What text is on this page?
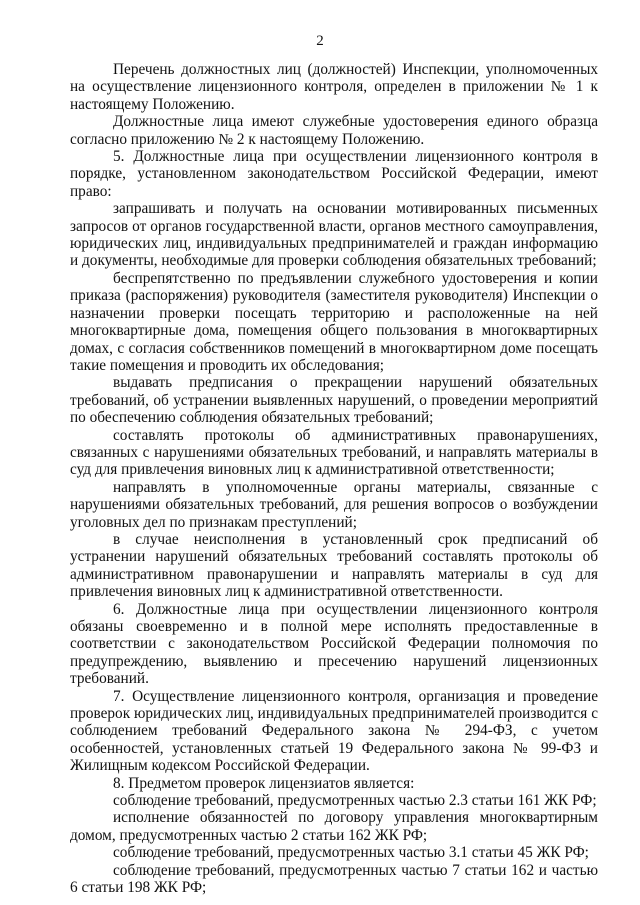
2

Перечень должностных лиц (должностей) Инспекции, уполномоченных на осуществление лицензионного контроля, определен в приложении № 1 к настоящему Положению.

Должностные лица имеют служебные удостоверения единого образца согласно приложению № 2 к настоящему Положению.

5. Должностные лица при осуществлении лицензионного контроля в порядке, установленном законодательством Российской Федерации, имеют право:

запрашивать и получать на основании мотивированных письменных запросов от органов государственной власти, органов местного самоуправления, юридических лиц, индивидуальных предпринимателей и граждан информацию и документы, необходимые для проверки соблюдения обязательных требований;

беспрепятственно по предъявлении служебного удостоверения и копии приказа (распоряжения) руководителя (заместителя руководителя) Инспекции о назначении проверки посещать территорию и расположенные на ней многоквартирные дома, помещения общего пользования в многоквартирных домах, с согласия собственников помещений в многоквартирном доме посещать такие помещения и проводить их обследования;

выдавать предписания о прекращении нарушений обязательных требований, об устранении выявленных нарушений, о проведении мероприятий по обеспечению соблюдения обязательных требований;

составлять протоколы об административных правонарушениях, связанных с нарушениями обязательных требований, и направлять материалы в суд для привлечения виновных лиц к административной ответственности;

направлять в уполномоченные органы материалы, связанные с нарушениями обязательных требований, для решения вопросов о возбуждении уголовных дел по признакам преступлений;

в случае неисполнения в установленный срок предписаний об устранении нарушений обязательных требований составлять протоколы об административном правонарушении и направлять материалы в суд для привлечения виновных лиц к административной ответственности.

6. Должностные лица при осуществлении лицензионного контроля обязаны своевременно и в полной мере исполнять предоставленные в соответствии с законодательством Российской Федерации полномочия по предупреждению, выявлению и пресечению нарушений лицензионных требований.

7. Осуществление лицензионного контроля, организация и проведение проверок юридических лиц, индивидуальных предпринимателей производится с соблюдением требований Федерального закона № 294-ФЗ, с учетом особенностей, установленных статьей 19 Федерального закона № 99-ФЗ и Жилищным кодексом Российской Федерации.

8. Предметом проверок лицензиатов является:

соблюдение требований, предусмотренных частью 2.3 статьи 161 ЖК РФ;

исполнение обязанностей по договору управления многоквартирным домом, предусмотренных частью 2 статьи 162 ЖК РФ;

соблюдение требований, предусмотренных частью 3.1 статьи 45 ЖК РФ;

соблюдение требований, предусмотренных частью 7 статьи 162 и частью 6 статьи 198 ЖК РФ;
